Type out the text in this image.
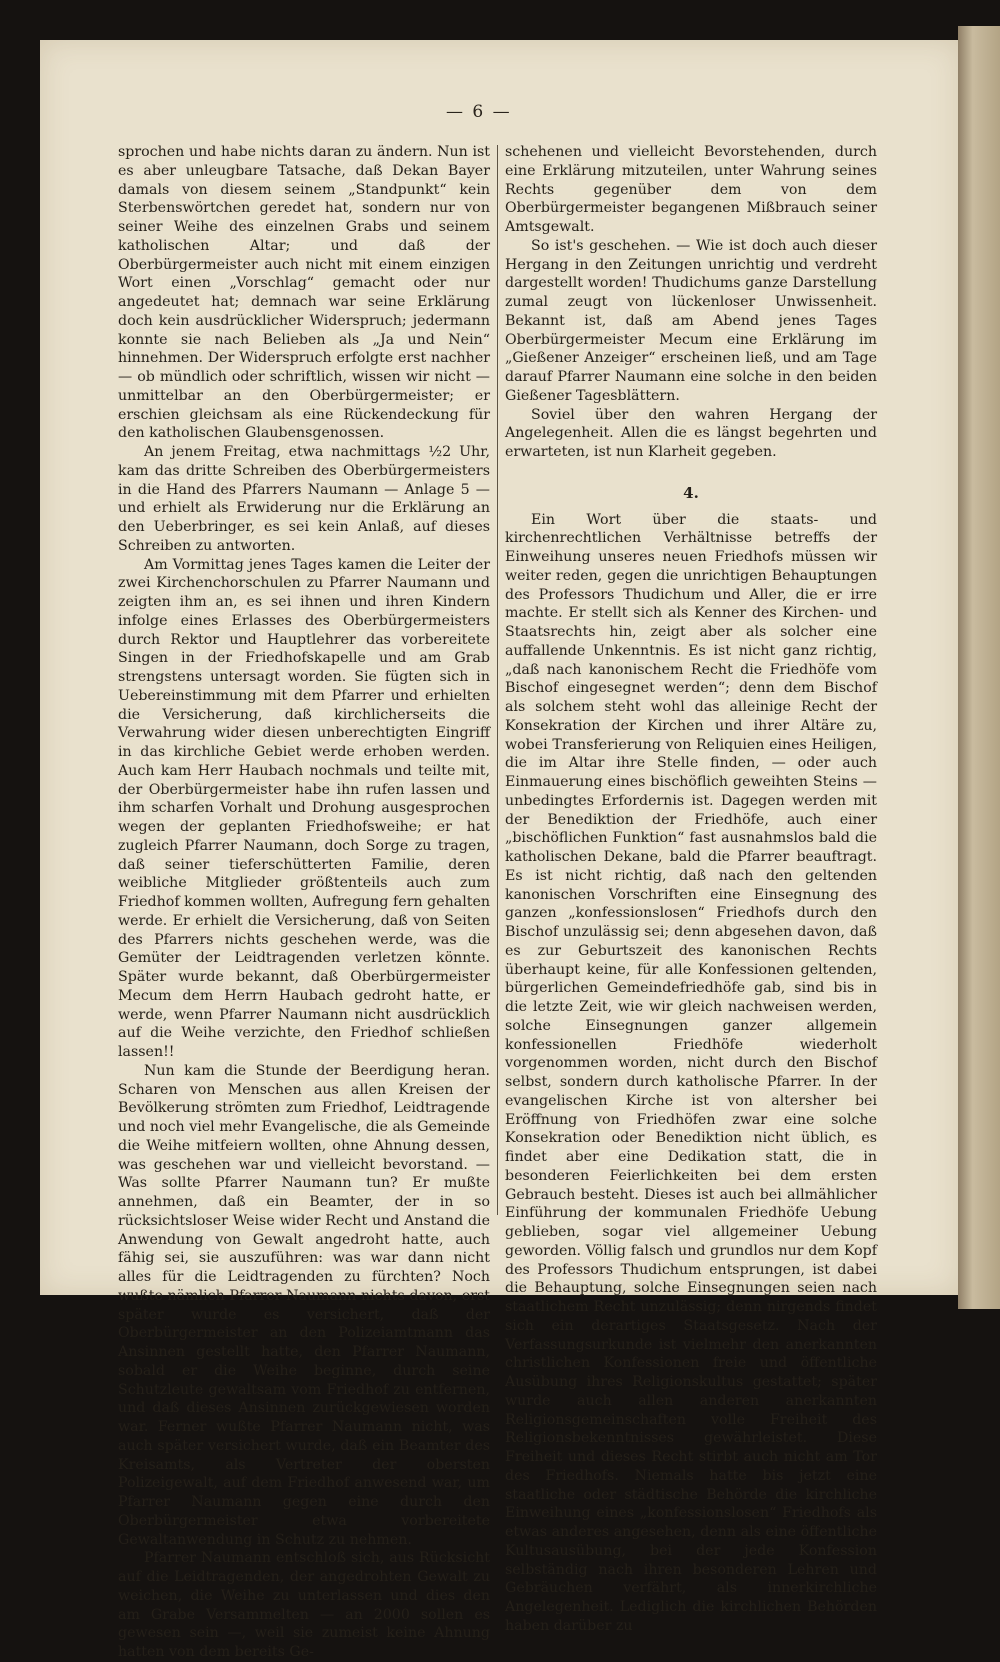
— 6 —

sprochen und habe nichts daran zu ändern. Nun ist es aber unleugbare Tatsache, daß Dekan Bayer damals von diesem seinem „Standpunkt“ kein Sterbenswörtchen geredet hat, sondern nur von seiner Weihe des einzelnen Grabs und seinem katholischen Altar; und daß der Oberbürgermeister auch nicht mit einem einzigen Wort einen „Vorschlag“ gemacht oder nur angedeutet hat; demnach war seine Erklärung doch kein ausdrücklicher Widerspruch; jedermann konnte sie nach Belieben als „Ja und Nein“ hinnehmen. Der Widerspruch erfolgte erst nachher — ob mündlich oder schriftlich, wissen wir nicht — unmittelbar an den Oberbürgermeister; er erschien gleichsam als eine Rückendeckung für den katholischen Glaubensgenossen.

An jenem Freitag, etwa nachmittags ½2 Uhr, kam das dritte Schreiben des Oberbürgermeisters in die Hand des Pfarrers Naumann — Anlage 5 — und erhielt als Erwiderung nur die Erklärung an den Ueberbringer, es sei kein Anlaß, auf dieses Schreiben zu antworten.

Am Vormittag jenes Tages kamen die Leiter der zwei Kirchenchorschulen zu Pfarrer Naumann und zeigten ihm an, es sei ihnen und ihren Kindern infolge eines Erlasses des Oberbürgermeisters durch Rektor und Hauptlehrer das vorbereitete Singen in der Friedhofskapelle und am Grab strengstens untersagt worden. Sie fügten sich in Uebereinstimmung mit dem Pfarrer und erhielten die Versicherung, daß kirchlicherseits die Verwahrung wider diesen unberechtigten Eingriff in das kirchliche Gebiet werde erhoben werden. Auch kam Herr Haubach nochmals und teilte mit, der Oberbürgermeister habe ihn rufen lassen und ihm scharfen Vorhalt und Drohung ausgesprochen wegen der geplanten Friedhofsweihe; er hat zugleich Pfarrer Naumann, doch Sorge zu tragen, daß seiner tieferschütterten Familie, deren weibliche Mitglieder größtenteils auch zum Friedhof kommen wollten, Aufregung fern gehalten werde. Er erhielt die Versicherung, daß von Seiten des Pfarrers nichts geschehen werde, was die Gemüter der Leidtragenden verletzen könnte. Später wurde bekannt, daß Oberbürgermeister Mecum dem Herrn Haubach gedroht hatte, er werde, wenn Pfarrer Naumann nicht ausdrücklich auf die Weihe verzichte, den Friedhof schließen lassen!!

Nun kam die Stunde der Beerdigung heran. Scharen von Menschen aus allen Kreisen der Bevölkerung strömten zum Friedhof, Leidtragende und noch viel mehr Evangelische, die als Gemeinde die Weihe mitfeiern wollten, ohne Ahnung dessen, was geschehen war und vielleicht bevorstand. — Was sollte Pfarrer Naumann tun? Er mußte annehmen, daß ein Beamter, der in so rücksichtsloser Weise wider Recht und Anstand die Anwendung von Gewalt angedroht hatte, auch fähig sei, sie auszuführen: was war dann nicht alles für die Leidtragenden zu fürchten? Noch wußte nämlich Pfarrer Naumann nichts davon, erst später wurde es versichert, daß der Oberbürgermeister an den Polizeiamtmann das Ansinnen gestellt hatte, den Pfarrer Naumann, sobald er die Weihe beginne, durch seine Schutzleute gewaltsam vom Friedhof zu entfernen, und daß dieses Ansinnen zurückgewiesen worden war. Ferner wußte Pfarrer Naumann nicht, was auch später versichert wurde, daß ein Beamter des Kreisamts, als Vertreter der obersten Polizeigewalt, auf dem Friedhof anwesend war, um Pfarrer Naumann gegen eine durch den Oberbürgermeister etwa vorbereitete Gewaltanwendung in Schutz zu nehmen.

Pfarrer Naumann entschloß sich, aus Rücksicht auf die Leidtragenden, der angedrohten Gewalt zu weichen, die Weihe zu unterlassen und dies den am Grabe Versammelten — an 2000 sollen es gewesen sein —, weil sie zumeist keine Ahnung hatten von dem bereits Ge-

schehenen und vielleicht Bevorstehenden, durch eine Erklärung mitzuteilen, unter Wahrung seines Rechts gegenüber dem von dem Oberbürgermeister begangenen Mißbrauch seiner Amtsgewalt.

So ist's geschehen. — Wie ist doch auch dieser Hergang in den Zeitungen unrichtig und verdreht dargestellt worden! Thudichums ganze Darstellung zumal zeugt von lückenloser Unwissenheit. Bekannt ist, daß am Abend jenes Tages Oberbürgermeister Mecum eine Erklärung im „Gießener Anzeiger“ erscheinen ließ, und am Tage darauf Pfarrer Naumann eine solche in den beiden Gießener Tagesblättern.

Soviel über den wahren Hergang der Angelegenheit. Allen die es längst begehrten und erwarteten, ist nun Klarheit gegeben.

4.

Ein Wort über die staats- und kirchenrechtlichen Verhältnisse betreffs der Einweihung unseres neuen Friedhofs müssen wir weiter reden, gegen die unrichtigen Behauptungen des Professors Thudichum und Aller, die er irre machte. Er stellt sich als Kenner des Kirchen- und Staatsrechts hin, zeigt aber als solcher eine auffallende Unkenntnis. Es ist nicht ganz richtig, „daß nach kanonischem Recht die Friedhöfe vom Bischof eingesegnet werden“; denn dem Bischof als solchem steht wohl das alleinige Recht der Konsekration der Kirchen und ihrer Altäre zu, wobei Transferierung von Reliquien eines Heiligen, die im Altar ihre Stelle finden, — oder auch Einmauerung eines bischöflich geweihten Steins — unbedingtes Erfordernis ist. Dagegen werden mit der Benediktion der Friedhöfe, auch einer „bischöflichen Funktion“ fast ausnahmslos bald die katholischen Dekane, bald die Pfarrer beauftragt. Es ist nicht richtig, daß nach den geltenden kanonischen Vorschriften eine Einsegnung des ganzen „konfessionslosen“ Friedhofs durch den Bischof unzulässig sei; denn abgesehen davon, daß es zur Geburtszeit des kanonischen Rechts überhaupt keine, für alle Konfessionen geltenden, bürgerlichen Gemeindefriedhöfe gab, sind bis in die letzte Zeit, wie wir gleich nachweisen werden, solche Einsegnungen ganzer allgemein konfessionellen Friedhöfe wiederholt vorgenommen worden, nicht durch den Bischof selbst, sondern durch katholische Pfarrer. In der evangelischen Kirche ist von altersher bei Eröffnung von Friedhöfen zwar eine solche Konsekration oder Benediktion nicht üblich, es findet aber eine Dedikation statt, die in besonderen Feierlichkeiten bei dem ersten Gebrauch besteht. Dieses ist auch bei allmählicher Einführung der kommunalen Friedhöfe Uebung geblieben, sogar viel allgemeiner Uebung geworden. Völlig falsch und grundlos nur dem Kopf des Professors Thudichum entsprungen, ist dabei die Behauptung, solche Einsegnungen seien nach staatlichem Recht unzulässig; denn nirgends findet sich ein derartiges Staatsgesetz. Nach der Verfassungsurkunde ist vielmehr den anerkannten christlichen Konfessionen freie und öffentliche Ausübung ihres Religionskultus gestattet; später wurde auch allen anderen anerkannten Religionsgemeinschaften volle Freiheit des Religionsbekenntnisses gewährleistet. Diese Freiheit und dieses Recht stirbt auch nicht am Tor des Friedhofs. Niemals hatte bis jetzt eine staatliche oder städtische Behörde die kirchliche Einweihung eines „konfessionslosen“ Friedhofs als etwas anderes angesehen, denn als eine öffentliche Kultusausübung, bei der jede Konfession selbständig nach ihren besonderen Lehren und Gebräuchen verfährt, als innerkirchliche Angelegenheit. Lediglich die kirchlichen Behörden haben darüber zu
